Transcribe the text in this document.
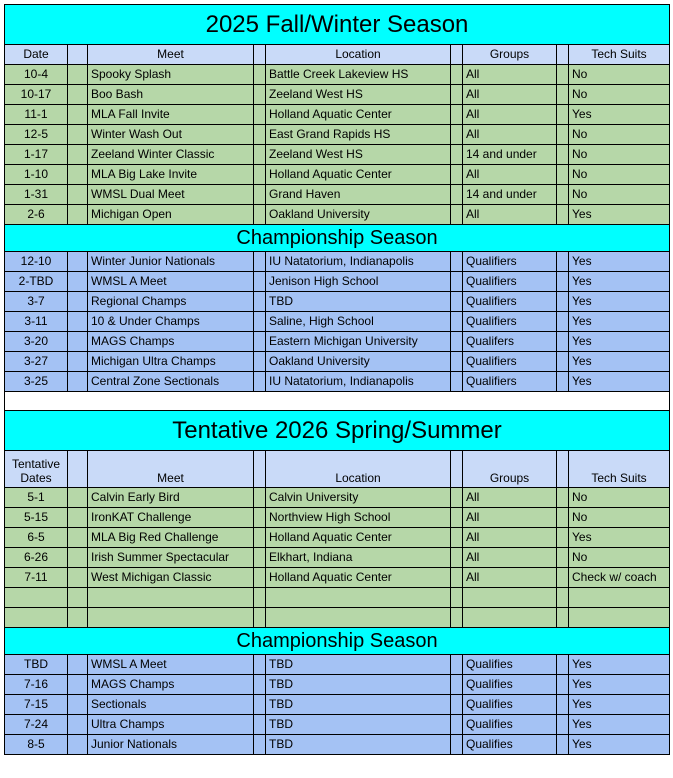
2025 Fall/Winter Season								
Date		Meet		Location		Groups		Tech Suits
10-4		Spooky Splash		Battle Creek Lakeview HS		All		No
10-17		Boo Bash		Zeeland West HS		All		No
11-1		MLA Fall Invite		Holland Aquatic Center		All		Yes
12-5		Winter Wash Out		East Grand Rapids HS		All		No
1-17		Zeeland Winter Classic		Zeeland West HS		14 and under		No
1-10		MLA Big Lake Invite		Holland Aquatic Center		All		No
1-31		WMSL Dual Meet		Grand Haven		14 and under		No
2-6		Michigan Open		Oakland University		All		Yes
Championship Season								
12-10		Winter Junior Nationals		IU Natatorium, Indianapolis		Qualifiers		Yes
2-TBD		WMSL A Meet		Jenison High School		Qualifiers		Yes
3-7		Regional Champs		TBD		Qualifiers		Yes
3-11		10 & Under Champs		Saline, High School		Qualifiers		Yes
3-20		MAGS Champs		Eastern Michigan University		Qualifers		Yes
3-27		Michigan Ultra Champs		Oakland University		Qualifiers		Yes
3-25		Central Zone Sectionals		IU Natatorium, Indianapolis		Qualifiers		Yes

Tentative 2026 Spring/Summer								
Tentative
Dates		Meet		Location		Groups		Tech Suits
5-1		Calvin Early Bird		Calvin University		All		No
5-15		IronKAT Challenge		Northview High School		All		No
6-5		MLA Big Red Challenge		Holland Aquatic Center		All		Yes
6-26		Irish Summer Spectacular		Elkhart, Indiana		All		No
7-11		West Michigan Classic		Holland Aquatic Center		All		Check w/ coach

Championship Season								
TBD		WMSL A Meet		TBD		Qualifies		Yes
7-16		MAGS Champs		TBD		Qualifies		Yes
7-15		Sectionals		TBD		Qualifies		Yes
7-24		Ultra Champs		TBD		Qualifies		Yes
8-5		Junior Nationals		TBD		Qualifies		Yes
